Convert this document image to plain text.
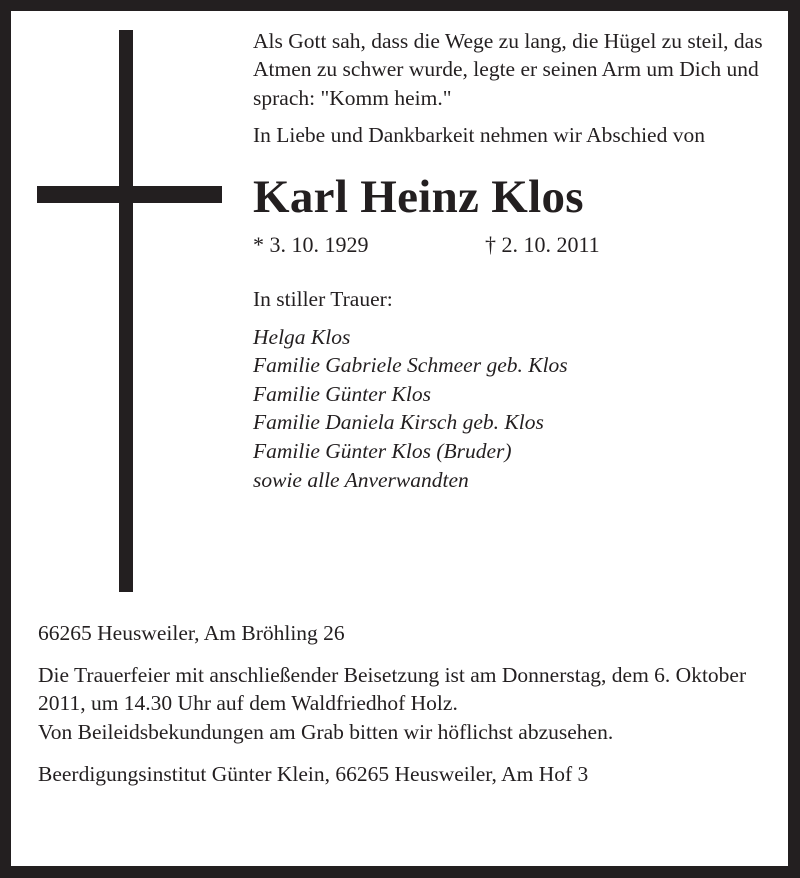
Als Gott sah, dass die Wege zu lang, die Hügel zu steil, das Atmen zu schwer wurde, legte er seinen Arm um Dich und sprach: "Komm heim."

In Liebe und Dankbarkeit nehmen wir Abschied von

Karl Heinz Klos
* 3. 10. 1929	† 2. 10. 2011

In stiller Trauer:

Helga Klos
Familie Gabriele Schmeer geb. Klos
Familie Günter Klos
Familie Daniela Kirsch geb. Klos
Familie Günter Klos (Bruder)
sowie alle Anverwandten

66265 Heusweiler, Am Bröhling 26

Die Trauerfeier mit anschließender Beisetzung ist am Donnerstag, dem 6. Oktober 2011, um 14.30 Uhr auf dem Waldfriedhof Holz.

Von Beileidsbekundungen am Grab bitten wir höflichst abzusehen.

Beerdigungsinstitut Günter Klein, 66265 Heusweiler, Am Hof 3
